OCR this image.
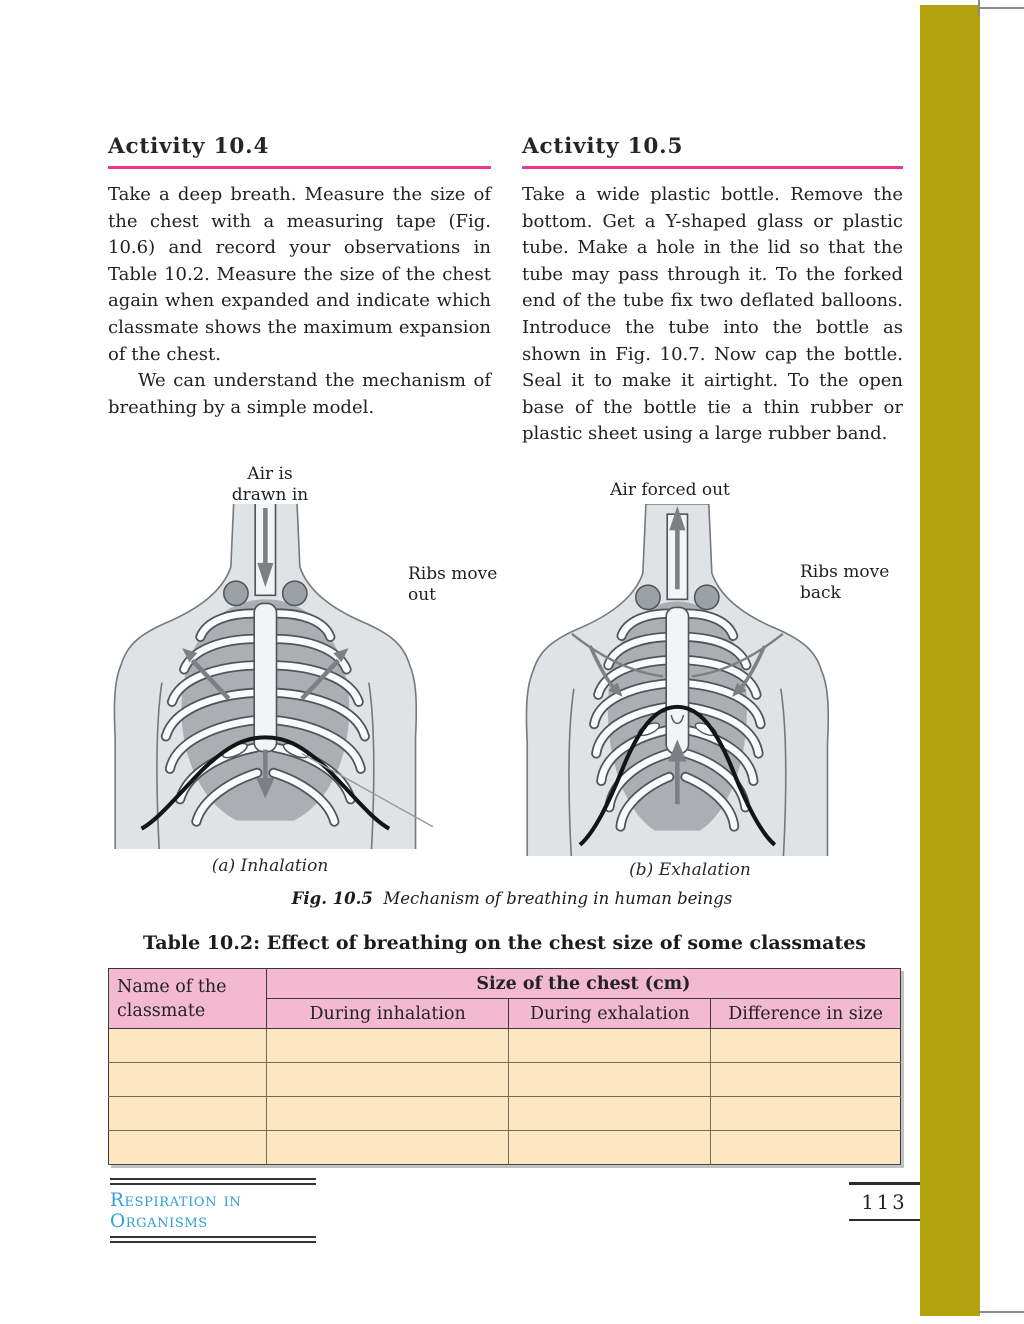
Activity 10.4

Take a deep breath. Measure the size of the chest with a measuring tape (Fig. 10.6) and record your observations in Table 10.2. Measure the size of the chest again when expanded and indicate which classmate shows the maximum expansion of the chest.

We can understand the mechanism of breathing by a simple model.

Activity 10.5

Take a wide plastic bottle. Remove the bottom. Get a Y-shaped glass or plastic tube. Make a hole in the lid so that the tube may pass through it. To the forked end of the tube fix two deflated balloons. Introduce the tube into the bottle as shown in Fig. 10.7. Now cap the bottle. Seal it to make it airtight. To the open base of the bottle tie a thin rubber or plastic sheet using a large rubber band.

Air is drawn in
Ribs move out
(a) Inhalation
Air forced out
Ribs move back
(b) Exhalation
Fig. 10.5 Mechanism of breathing in human beings
Table 10.2: Effect of breathing on the chest size of some classmates
Name of the classmate	Size of the chest (cm)		
	During inhalation	During exhalation	Difference in size

Respiration in Organisms
113
